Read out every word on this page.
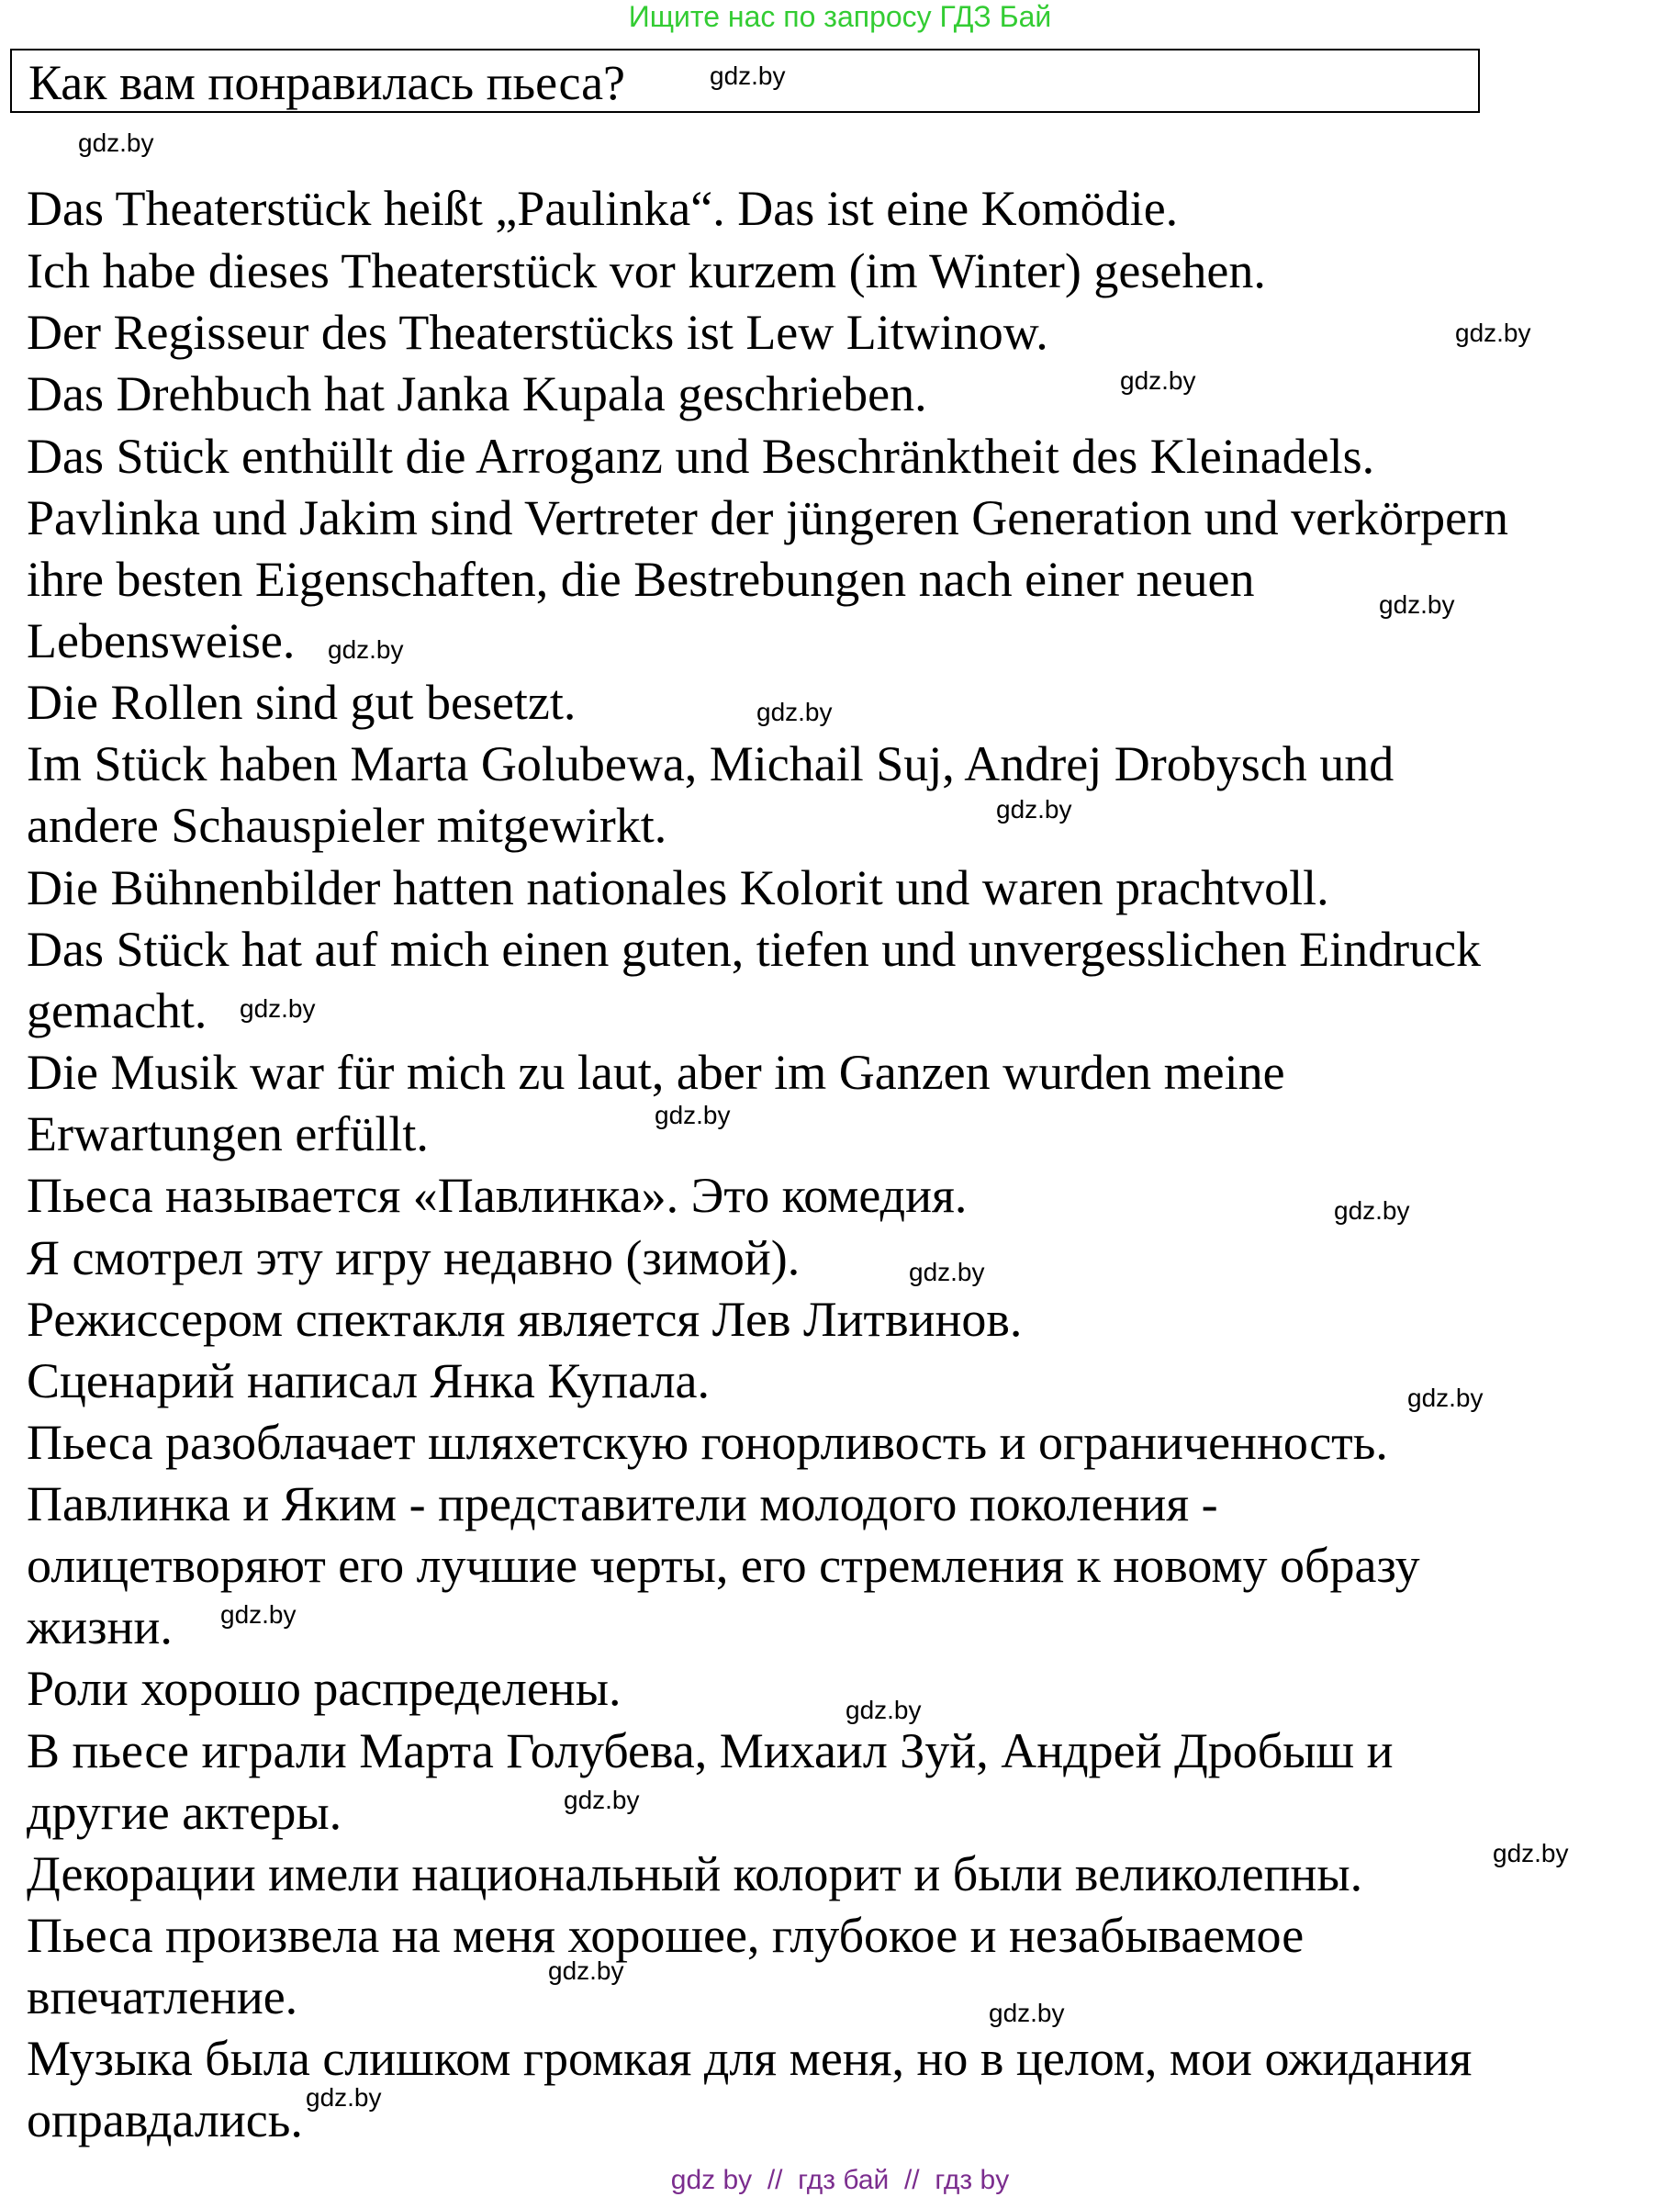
Ищите нас по запросу ГДЗ Бай
Как вам понравилась пьеса?
Das Theaterstück heißt „Paulinka“. Das ist eine Komödie.
Ich habe dieses Theaterstück vor kurzem (im Winter) gesehen.
Der Regisseur des Theaterstücks ist Lew Litwinow.
Das Drehbuch hat Janka Kupala geschrieben.
Das Stück enthüllt die Arroganz und Beschränktheit des Kleinadels.
Pavlinka und Jakim sind Vertreter der jüngeren Generation und verkörpern
ihre besten Eigenschaften, die Bestrebungen nach einer neuen
Lebensweise.
Die Rollen sind gut besetzt.
Im Stück haben Marta Golubewa, Michail Suj, Andrej Drobysch und
andere Schauspieler mitgewirkt.
Die Bühnenbilder hatten nationales Kolorit und waren prachtvoll.
Das Stück hat auf mich einen guten, tiefen und unvergesslichen Eindruck
gemacht.
Die Musik war für mich zu laut, aber im Ganzen wurden meine
Erwartungen erfüllt.
Пьеса называется «Павлинка». Это комедия.
Я смотрел эту игру недавно (зимой).
Режиссером спектакля является Лев Литвинов.
Сценарий написал Янка Купала.
Пьеса разоблачает шляхетскую гонорливость и ограниченность.
Павлинка и Яким - представители молодого поколения -
олицетворяют его лучшие черты, его стремления к новому образу
жизни.
Роли хорошо распределены.
В пьесе играли Марта Голубева, Михаил Зуй, Андрей Дробыш и
другие актеры.
Декорации имели национальный колорит и были великолепны.
Пьеса произвела на меня хорошее, глубокое и незабываемое
впечатление.
Музыка была слишком громкая для меня, но в целом, мои ожидания
оправдались.
gdz.by
gdz.by
gdz.by
gdz.by
gdz.by
gdz.by
gdz.by
gdz.by
gdz.by
gdz.by
gdz.by
gdz.by
gdz.by
gdz.by
gdz.by
gdz.by
gdz.by
gdz.by
gdz.by
gdz.by
gdz by  //  гдз бай  //  гдз by
